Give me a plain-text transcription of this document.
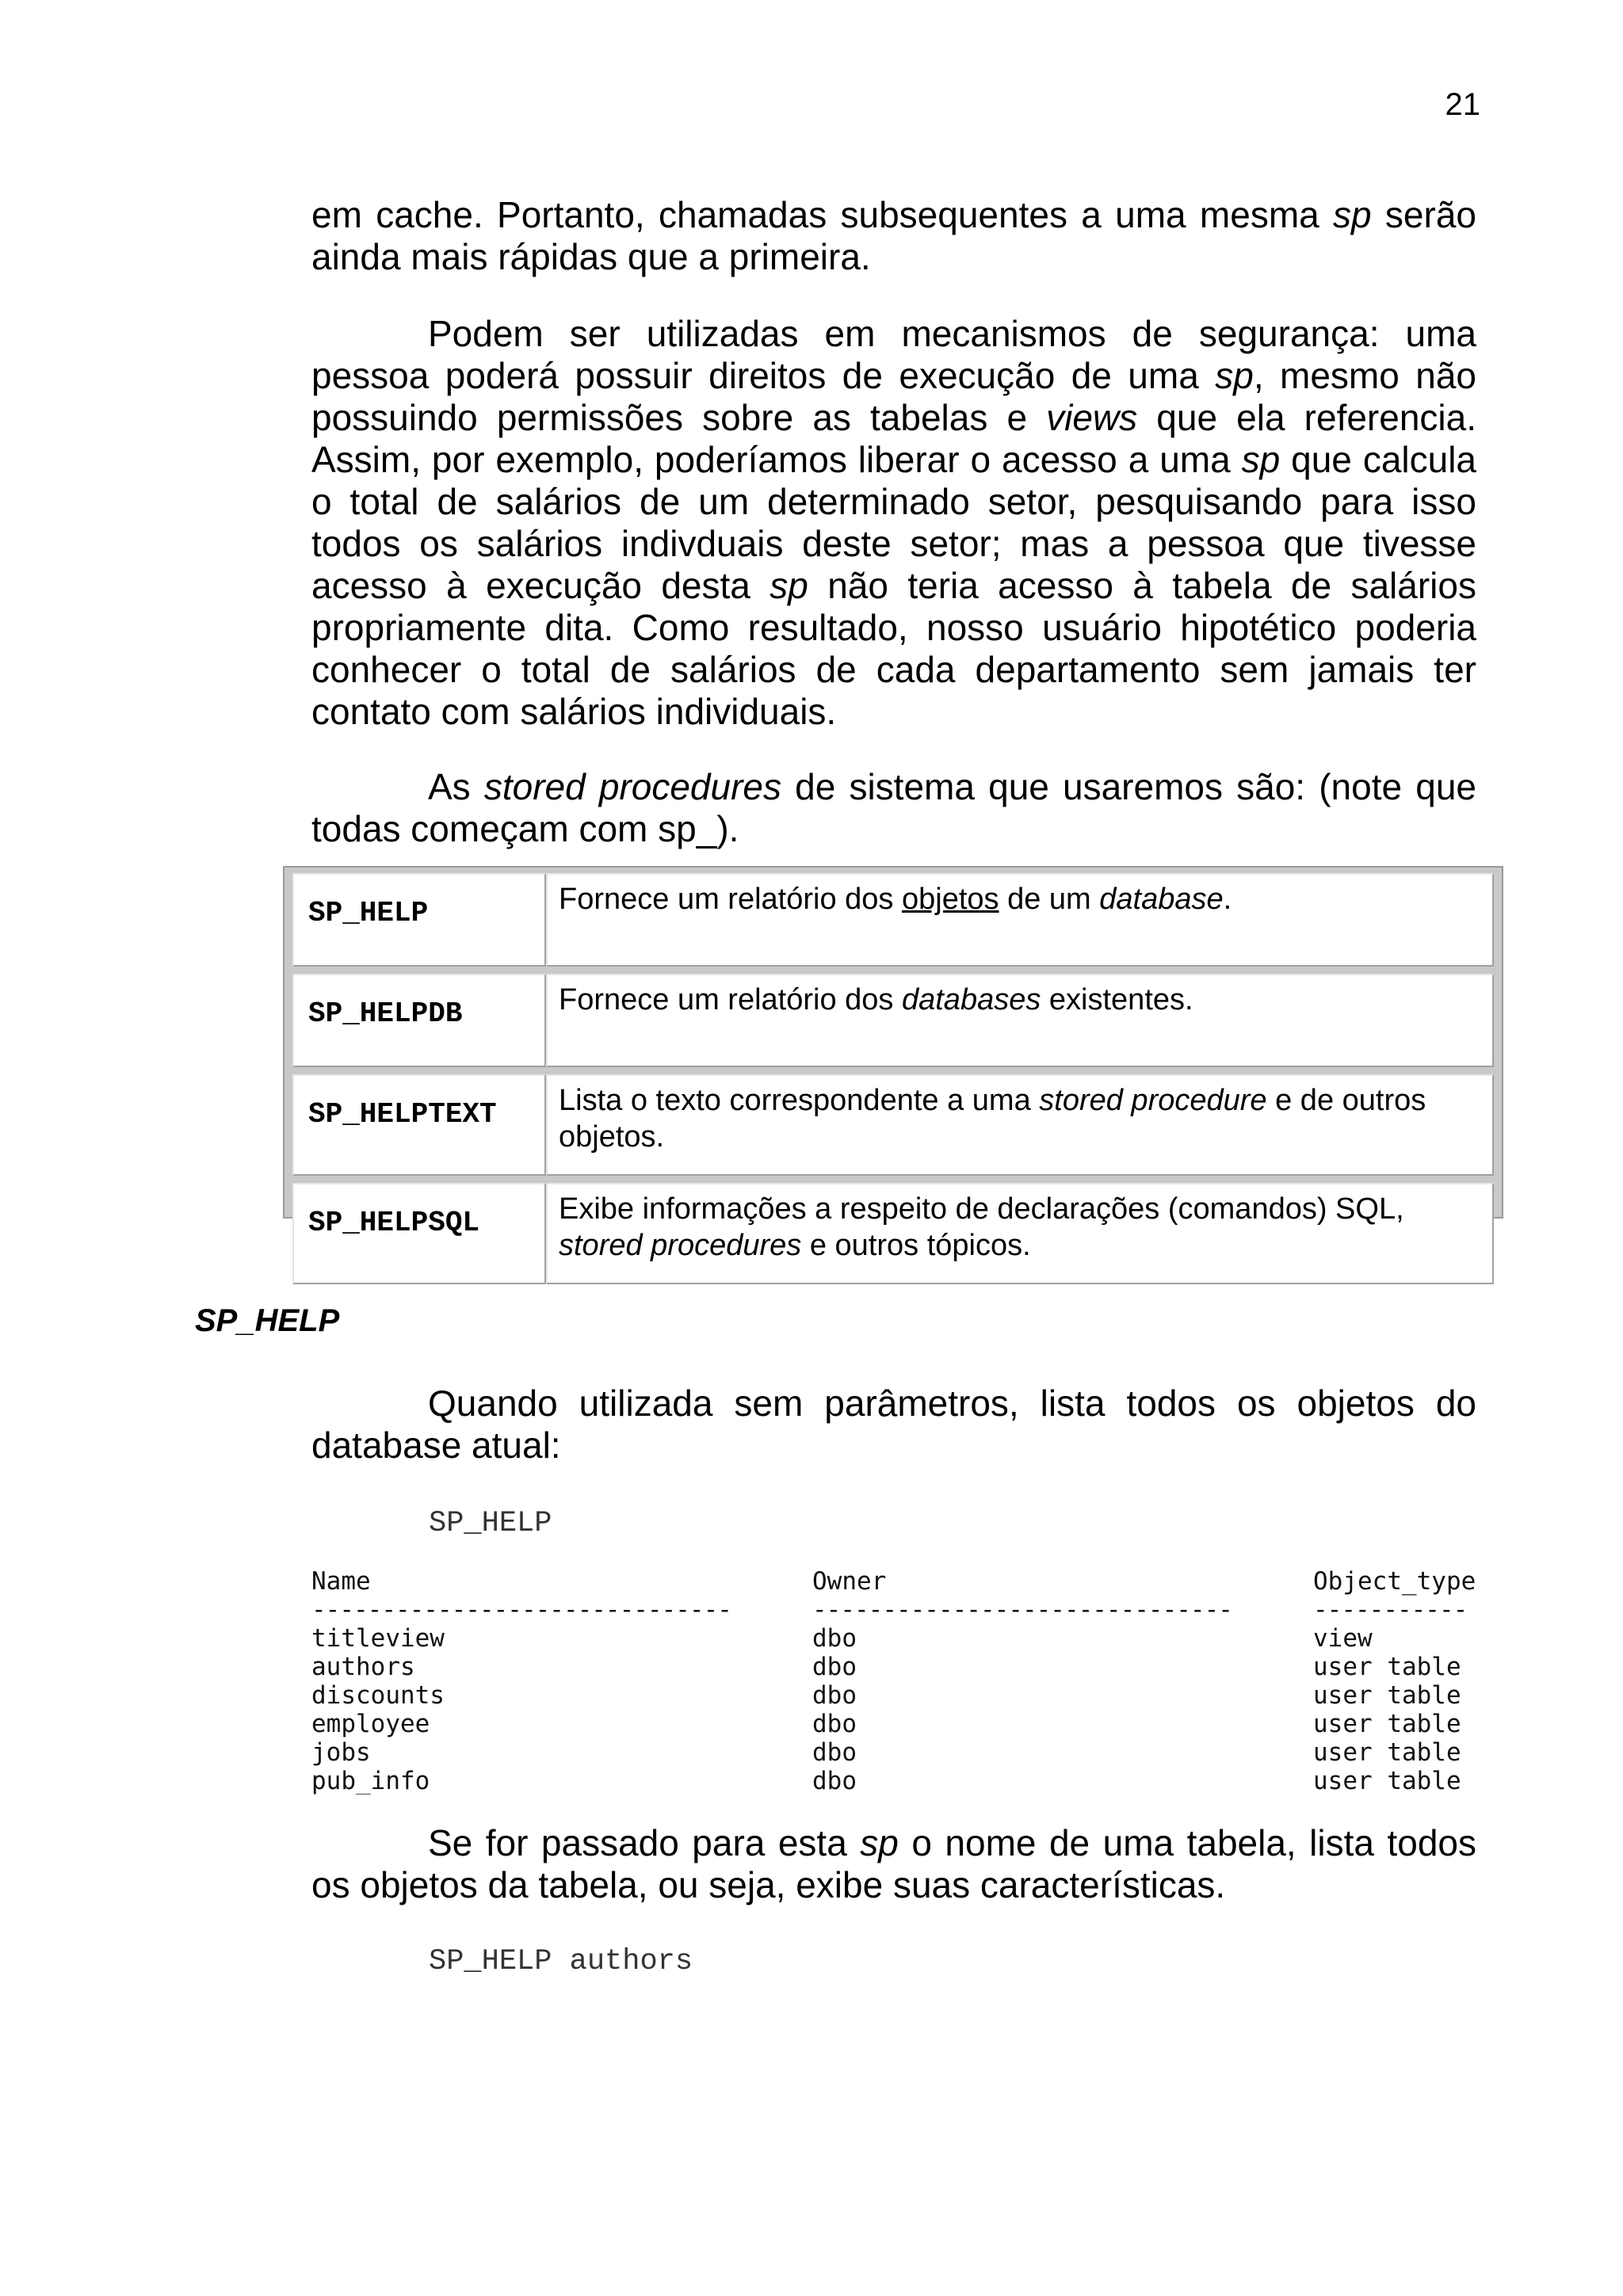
21

em cache. Portanto, chamadas subsequentes a uma mesma sp serão ainda mais rápidas que a primeira.

Podem ser utilizadas em mecanismos de segurança: uma pessoa poderá possuir direitos de execução de uma sp, mesmo não possuindo permissões sobre as tabelas e views que ela referencia. Assim, por exemplo, poderíamos liberar o acesso a uma sp que calcula o total de salários de um determinado setor, pesquisando para isso todos os salários indivduais deste setor; mas a pessoa que tivesse acesso à execução desta sp não teria acesso à tabela de salários propriamente dita. Como resultado, nosso usuário hipotético poderia conhecer o total de salários de cada departamento sem jamais ter contato com salários individuais.

As stored procedures de sistema que usaremos são: (note que todas começam com sp_).

SP_HELP	Fornece um relatório dos objetos de um database.
SP_HELPDB	Fornece um relatório dos databases existentes.
SP_HELPTEXT	Lista o texto correspondente a uma stored procedure e de outros objetos.
SP_HELPSQL	Exibe informações a respeito de declarações (comandos) SQL, stored procedures e outros tópicos.
SP_HELP

Quando utilizada sem parâmetros, lista todos os objetos do database atual:

SP_HELP
Name	Owner	Object_type
------------------------------	------------------------------	-----------
titleview	dbo	view
authors	dbo	user table
discounts	dbo	user table
employee	dbo	user table
jobs	dbo	user table
pub_info	dbo	user table

Se for passado para esta sp o nome de uma tabela, lista todos os objetos da tabela, ou seja, exibe suas características.

SP_HELP authors
